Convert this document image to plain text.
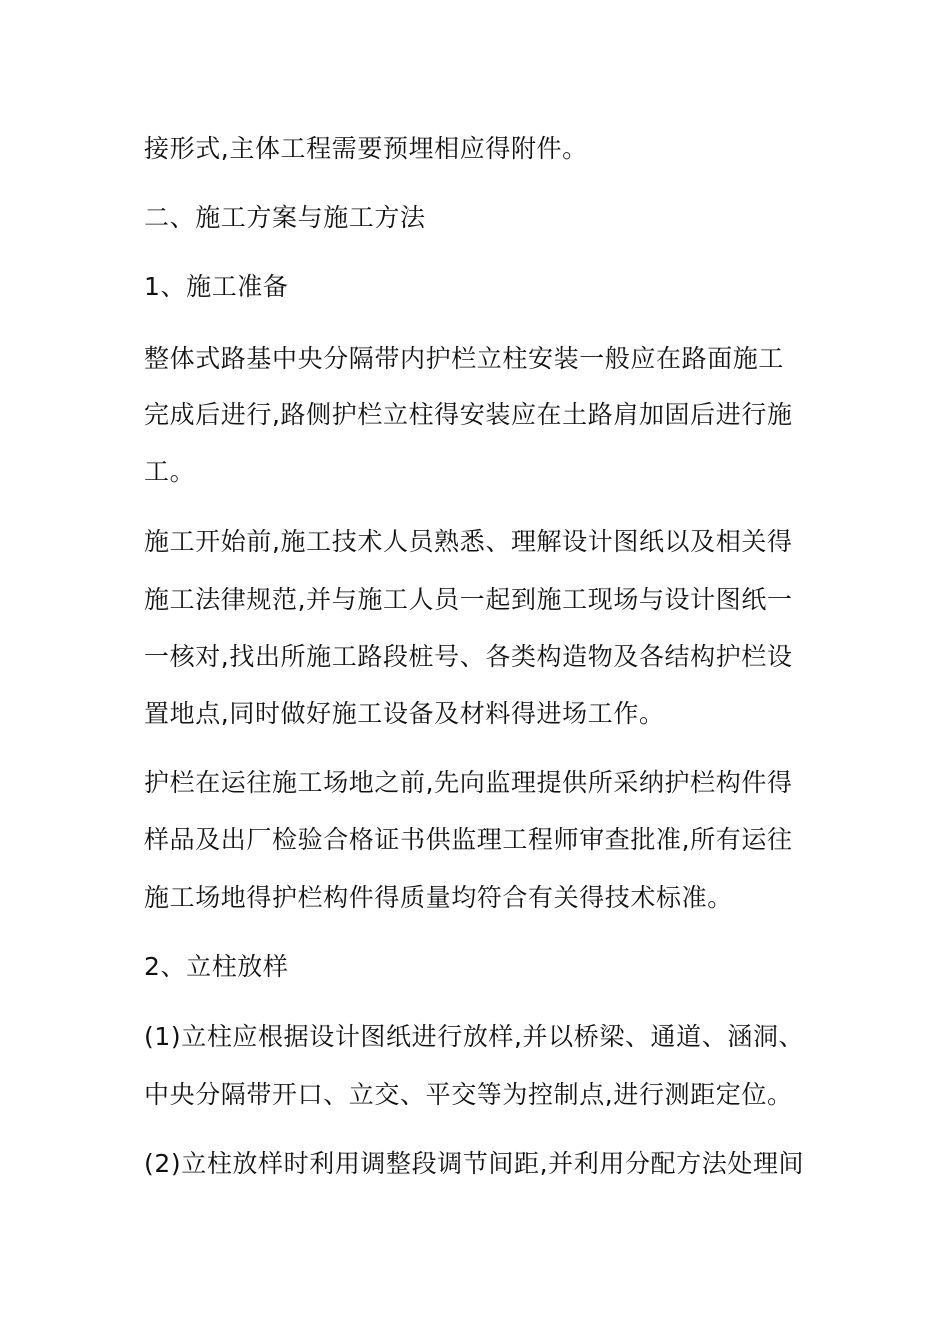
接形式,主体工程需要预埋相应得附件。
二、施工方案与施工方法
1、施工准备
整体式路基中央分隔带内护栏立柱安装一般应在路面施工
完成后进行,路侧护栏立柱得安装应在土路肩加固后进行施
工。
施工开始前,施工技术人员熟悉、理解设计图纸以及相关得
施工法律规范,并与施工人员一起到施工现场与设计图纸一
一核对,找出所施工路段桩号、各类构造物及各结构护栏设
置地点,同时做好施工设备及材料得进场工作。
护栏在运往施工场地之前,先向监理提供所采纳护栏构件得
样品及出厂检验合格证书供监理工程师审查批准,所有运往
施工场地得护栏构件得质量均符合有关得技术标准。
2、立柱放样
(1)立柱应根据设计图纸进行放样,并以桥梁、通道、涵洞、
中央分隔带开口、立交、平交等为控制点,进行测距定位。
(2)立柱放样时利用调整段调节间距,并利用分配方法处理间
